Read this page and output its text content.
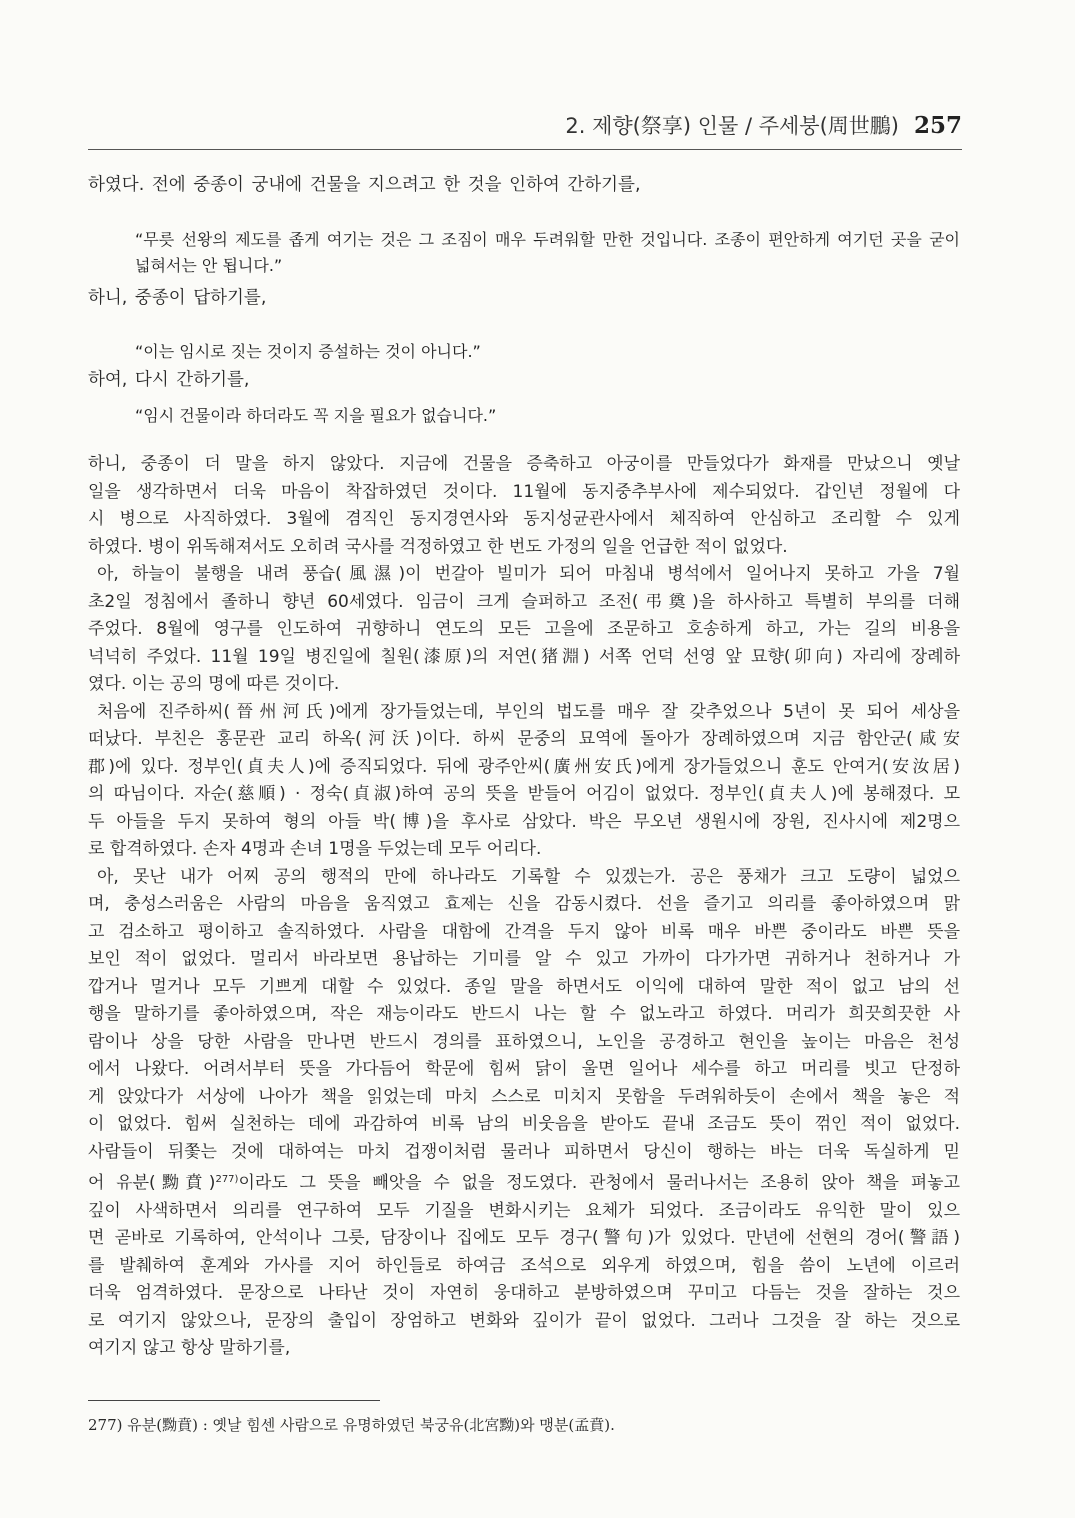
2. 제향(祭享) 인물 / 주세붕(周世鵬) 257
하였다. 전에 중종이 궁내에 건물을 지으려고 한 것을 인하여 간하기를,
“무릇 선왕의 제도를 좁게 여기는 것은 그 조짐이 매우 두려워할 만한 것입니다. 조종이 편안하게 여기던 곳을 굳이
넓혀서는 안 됩니다.”
하니, 중종이 답하기를,
“이는 임시로 짓는 것이지 증설하는 것이 아니다.”
하여, 다시 간하기를,
“임시 건물이라 하더라도 꼭 지을 필요가 없습니다.”
하니, 중종이 더 말을 하지 않았다. 지금에 건물을 증축하고 아궁이를 만들었다가 화재를 만났으니 옛날
일을 생각하면서 더욱 마음이 착잡하였던 것이다. 11월에 동지중추부사에 제수되었다. 갑인년 정월에 다
시 병으로 사직하였다. 3월에 겸직인 동지경연사와 동지성균관사에서 체직하여 안심하고 조리할 수 있게
하였다. 병이 위독해져서도 오히려 국사를 걱정하였고 한 번도 가정의 일을 언급한 적이 없었다.
아, 하늘이 불행을 내려 풍습(風濕)이 번갈아 빌미가 되어 마침내 병석에서 일어나지 못하고 가을 7월
초2일 정침에서 졸하니 향년 60세였다. 임금이 크게 슬퍼하고 조전(弔奠)을 하사하고 특별히 부의를 더해
주었다. 8월에 영구를 인도하여 귀향하니 연도의 모든 고을에 조문하고 호송하게 하고, 가는 길의 비용을
넉넉히 주었다. 11월 19일 병진일에 칠원(漆原)의 저연(猪淵) 서쪽 언덕 선영 앞 묘향(卯向) 자리에 장례하
였다. 이는 공의 명에 따른 것이다.
처음에 진주하씨(晉州河氏)에게 장가들었는데, 부인의 법도를 매우 잘 갖추었으나 5년이 못 되어 세상을
떠났다. 부친은 홍문관 교리 하옥(河沃)이다. 하씨 문중의 묘역에 돌아가 장례하였으며 지금 함안군(咸安
郡)에 있다. 정부인(貞夫人)에 증직되었다. 뒤에 광주안씨(廣州安氏)에게 장가들었으니 훈도 안여거(安汝居)
의 따님이다. 자순(慈順) · 정숙(貞淑)하여 공의 뜻을 받들어 어김이 없었다. 정부인(貞夫人)에 봉해졌다. 모
두 아들을 두지 못하여 형의 아들 박(博)을 후사로 삼았다. 박은 무오년 생원시에 장원, 진사시에 제2명으
로 합격하였다. 손자 4명과 손녀 1명을 두었는데 모두 어리다.
아, 못난 내가 어찌 공의 행적의 만에 하나라도 기록할 수 있겠는가. 공은 풍채가 크고 도량이 넓었으
며, 충성스러움은 사람의 마음을 움직였고 효제는 신을 감동시켰다. 선을 즐기고 의리를 좋아하였으며 맑
고 검소하고 평이하고 솔직하였다. 사람을 대함에 간격을 두지 않아 비록 매우 바쁜 중이라도 바쁜 뜻을
보인 적이 없었다. 멀리서 바라보면 용납하는 기미를 알 수 있고 가까이 다가가면 귀하거나 천하거나 가
깝거나 멀거나 모두 기쁘게 대할 수 있었다. 종일 말을 하면서도 이익에 대하여 말한 적이 없고 남의 선
행을 말하기를 좋아하였으며, 작은 재능이라도 반드시 나는 할 수 없노라고 하였다. 머리가 희끗희끗한 사
람이나 상을 당한 사람을 만나면 반드시 경의를 표하였으니, 노인을 공경하고 현인을 높이는 마음은 천성
에서 나왔다. 어려서부터 뜻을 가다듬어 학문에 힘써 닭이 울면 일어나 세수를 하고 머리를 빗고 단정하
게 앉았다가 서상에 나아가 책을 읽었는데 마치 스스로 미치지 못함을 두려워하듯이 손에서 책을 놓은 적
이 없었다. 힘써 실천하는 데에 과감하여 비록 남의 비웃음을 받아도 끝내 조금도 뜻이 꺾인 적이 없었다.
사람들이 뒤쫓는 것에 대하여는 마치 겁쟁이처럼 물러나 피하면서 당신이 행하는 바는 더욱 독실하게 믿
어 유분(黝賁)$^{277)}$이라도 그 뜻을 빼앗을 수 없을 정도였다. 관청에서 물러나서는 조용히 앉아 책을 펴놓고
깊이 사색하면서 의리를 연구하여 모두 기질을 변화시키는 요체가 되었다. 조금이라도 유익한 말이 있으
면 곧바로 기록하여, 안석이나 그릇, 담장이나 집에도 모두 경구(警句)가 있었다. 만년에 선현의 경어(警語)
를 발췌하여 훈계와 가사를 지어 하인들로 하여금 조석으로 외우게 하였으며, 힘을 씀이 노년에 이르러
더욱 엄격하였다. 문장으로 나타난 것이 자연히 웅대하고 분방하였으며 꾸미고 다듬는 것을 잘하는 것으
로 여기지 않았으나, 문장의 출입이 장엄하고 변화와 깊이가 끝이 없었다. 그러나 그것을 잘 하는 것으로
여기지 않고 항상 말하기를,
277) 유분(黝賁) : 옛날 힘센 사람으로 유명하였던 북궁유(北宮黝)와 맹분(孟賁).
